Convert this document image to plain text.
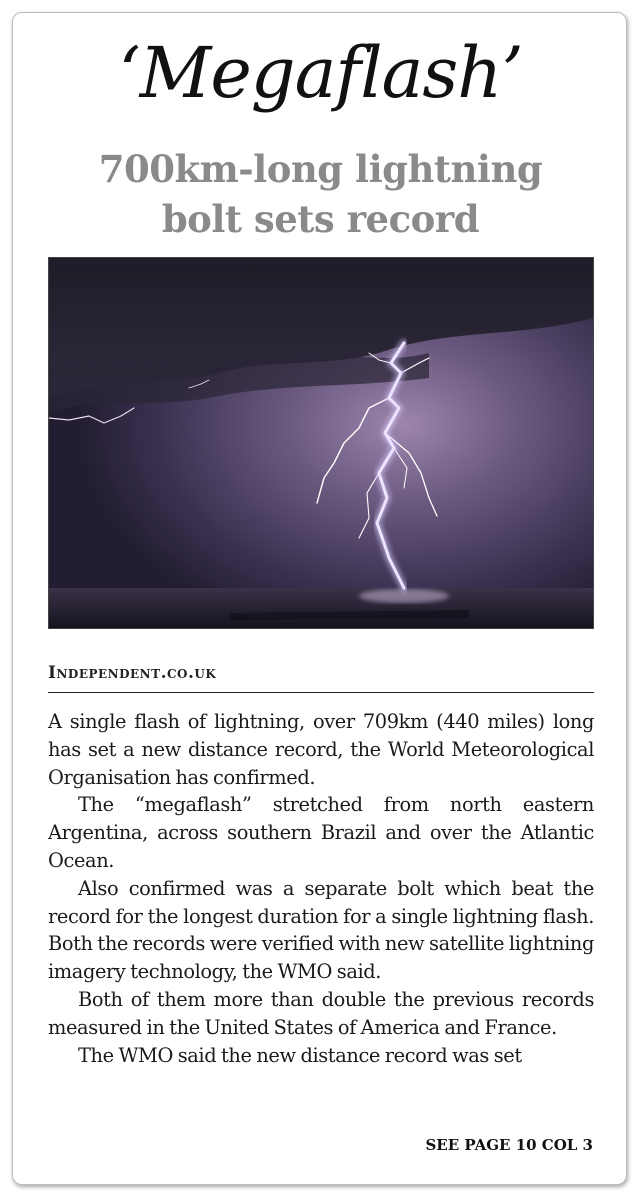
‘Megaflash’
700km-long lightning
bolt sets record
Independent.co.uk

A single flash of lightning, over 709km (440 miles) long has set a new distance record, the World Meteorological Organisation has confirmed.

The “megaflash” stretched from north eastern Argentina, across southern Brazil and over the Atlantic Ocean.

Also confirmed was a separate bolt which beat the record for the longest duration for a single lightning flash. Both the records were verified with new satellite lightning imagery technology, the WMO said.

Both of them more than double the previous records measured in the United States of America and France.

The WMO said the new distance record was set

SEE PAGE 10 COL 3
